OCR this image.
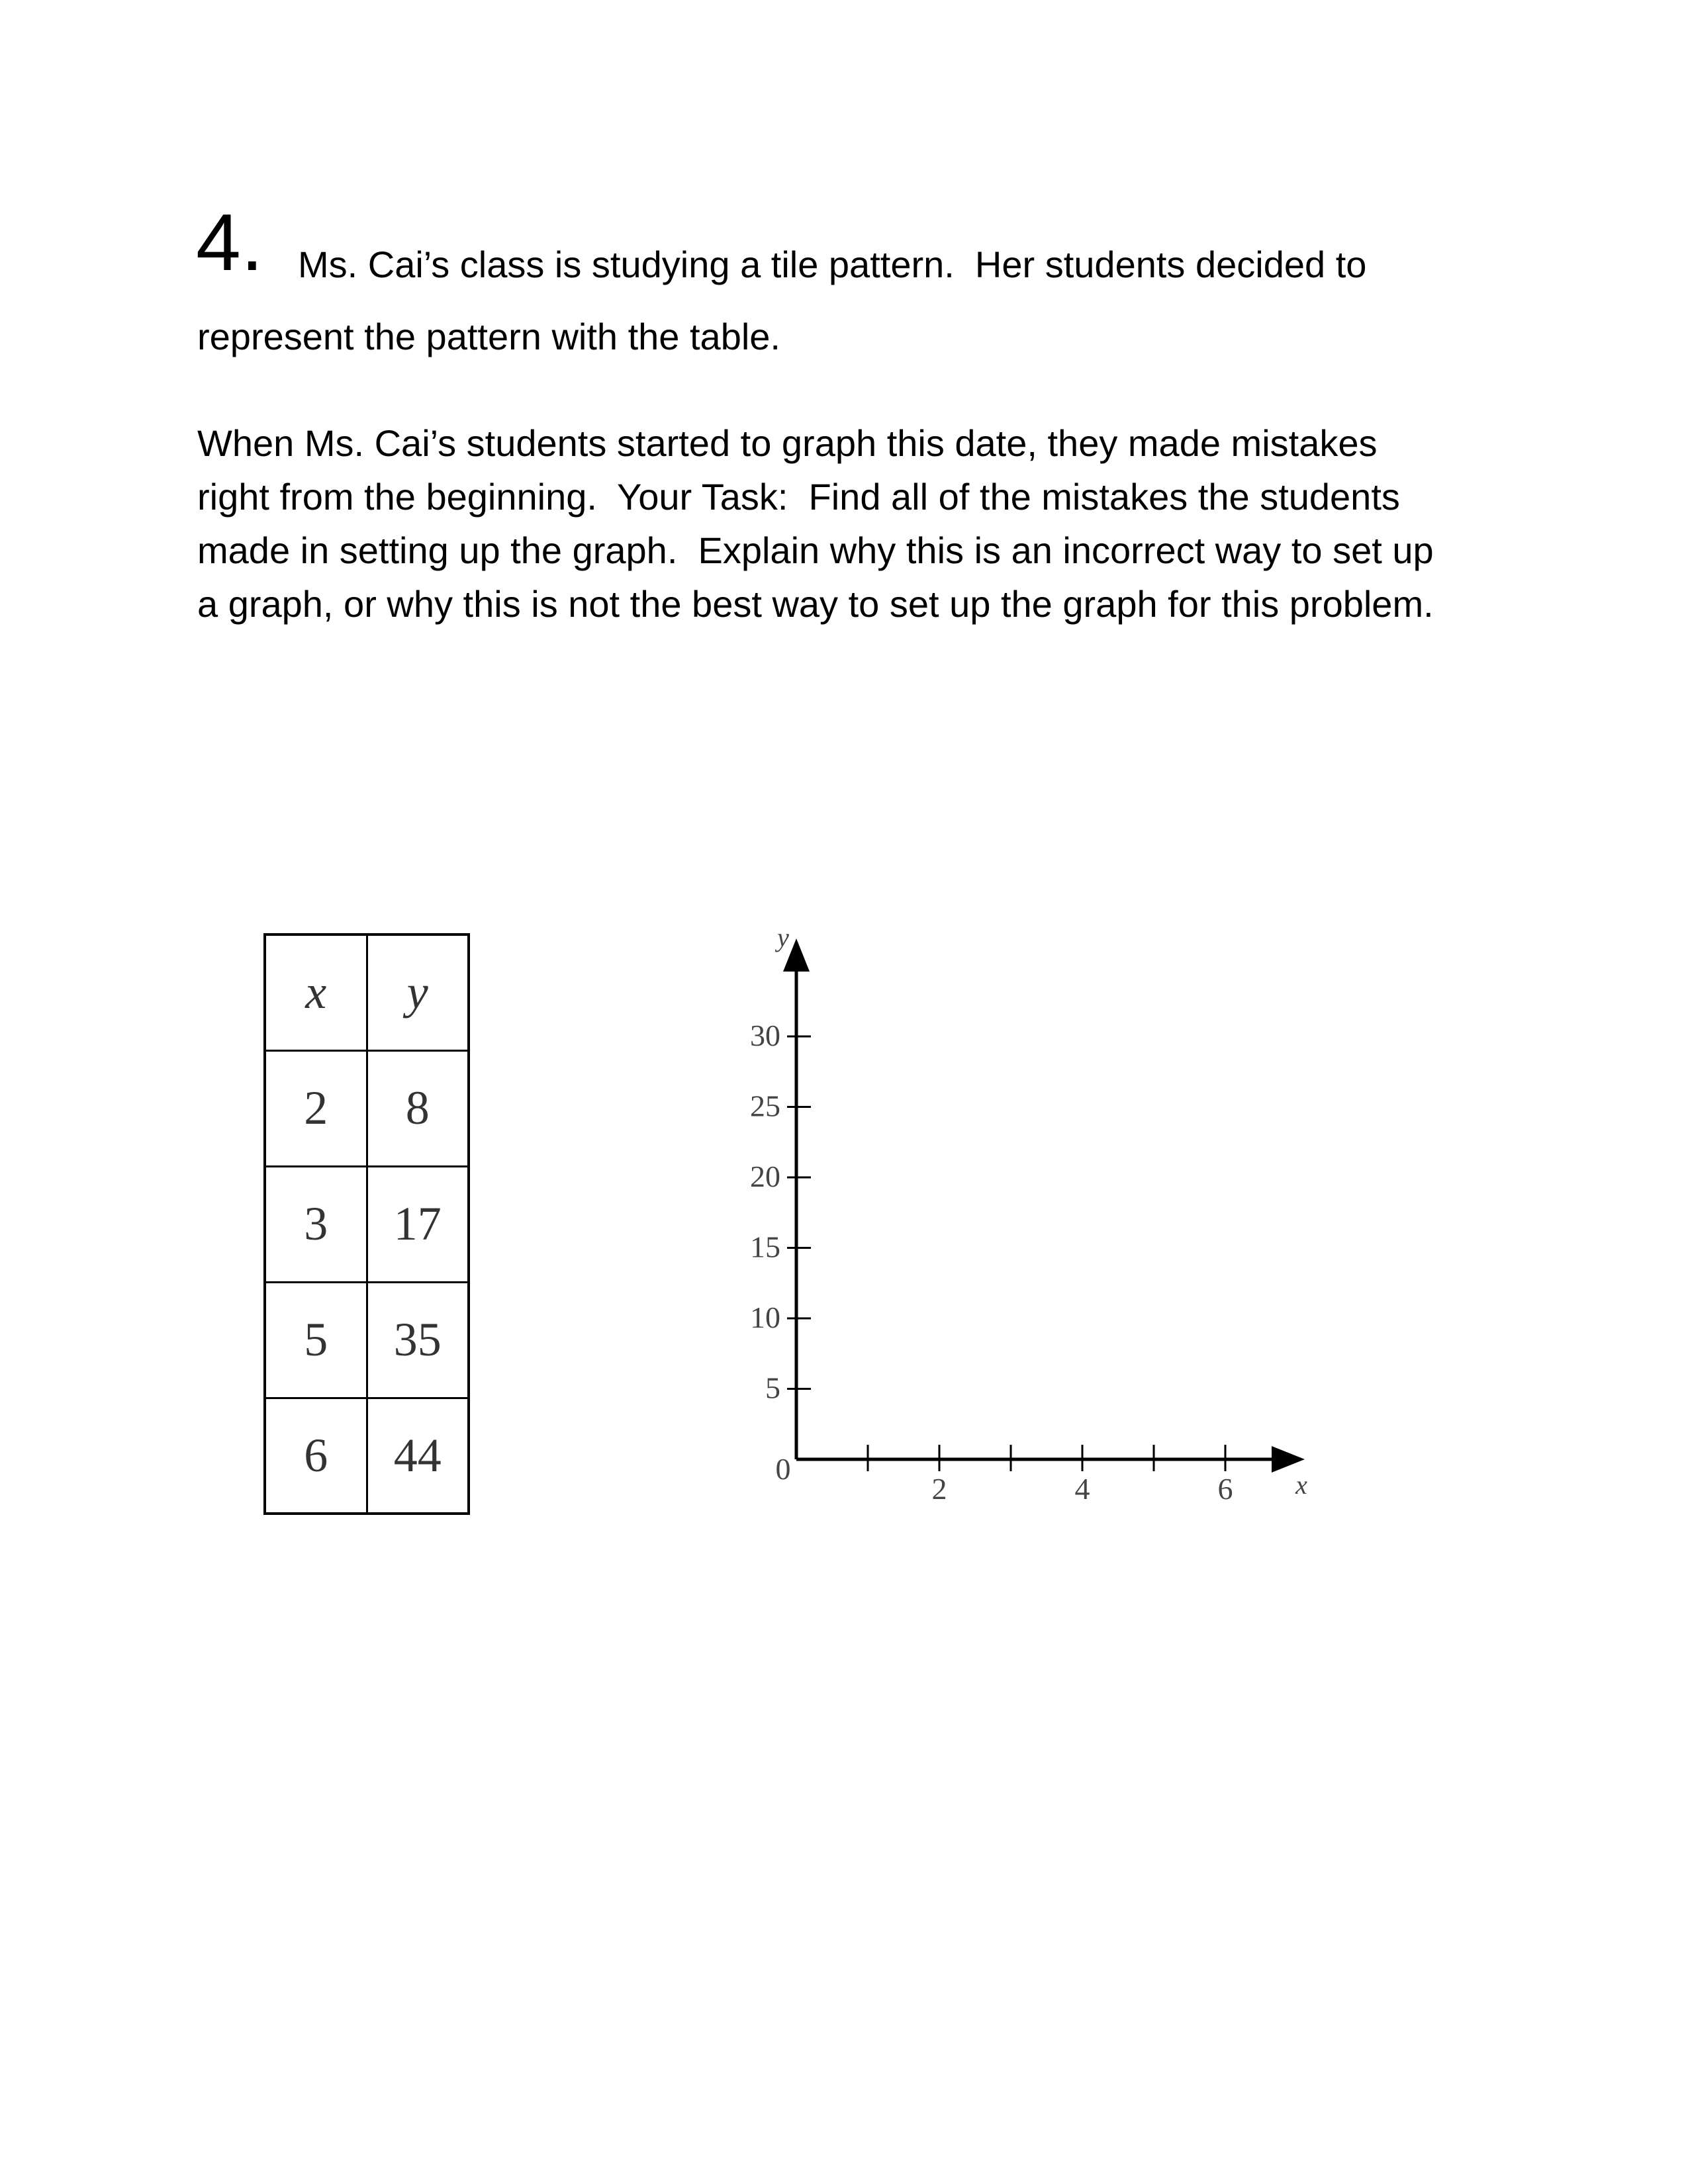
4. Ms. Cai’s class is studying a tile pattern.  Her students decided to
represent the pattern with the table.
When Ms. Cai’s students started to graph this date, they made mistakes
right from the beginning.  Your Task:  Find all of the mistakes the students
made in setting up the graph.  Explain why this is an incorrect way to set up
a graph, or why this is not the best way to set up the graph for this problem.
x	y
2	8
3	17
5	35
6	44
5
10
15
20
25
30
2	4	6
0
y
x
